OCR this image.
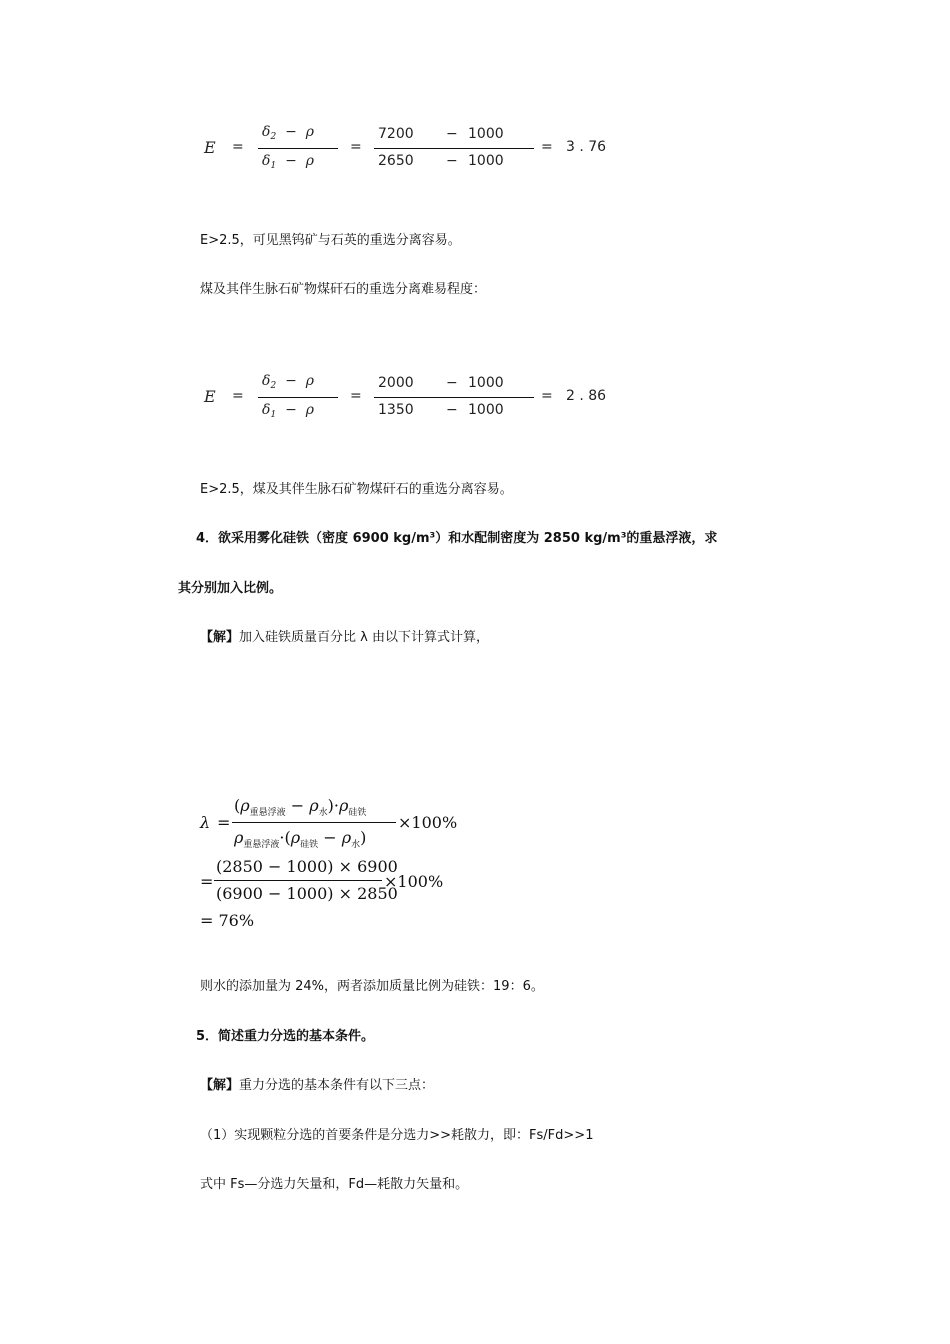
E =
$\delta_2 - \rho$
$\delta_1 - \rho$
=
7200 − 1000
2650 − 1000
= 3 . 76
E>2.5，可见黑钨矿与石英的重选分离容易。
煤及其伴生脉石矿物煤矸石的重选分离难易程度：
E =
$\delta_2 - \rho$
$\delta_1 - \rho$
=
2000 − 1000
1350 − 1000
= 2 . 86
E>2.5，煤及其伴生脉石矿物煤矸石的重选分离容易。
4．欲采用雾化硅铁（密度 6900 kg/m³）和水配制密度为 2850 kg/m³的重悬浮液，求
其分别加入比例。
【解】加入硅铁质量百分比 λ 由以下计算式计算，
λ =
$(\rho_{重悬浮液} - \rho_水)\cdot\rho_{硅铁}$
$\rho_{重悬浮液}\cdot(\rho_{硅铁} - \rho_水)$
×100%
=
(2850 − 1000) × 6900
(6900 − 1000) × 2850
×100%
= 76%
则水的添加量为 24%，两者添加质量比例为硅铁：19：6。
5．简述重力分选的基本条件。
【解】重力分选的基本条件有以下三点：
（1）实现颗粒分选的首要条件是分选力>>耗散力，即：Fs/Fd>>1
式中 Fs—分选力矢量和，Fd—耗散力矢量和。
